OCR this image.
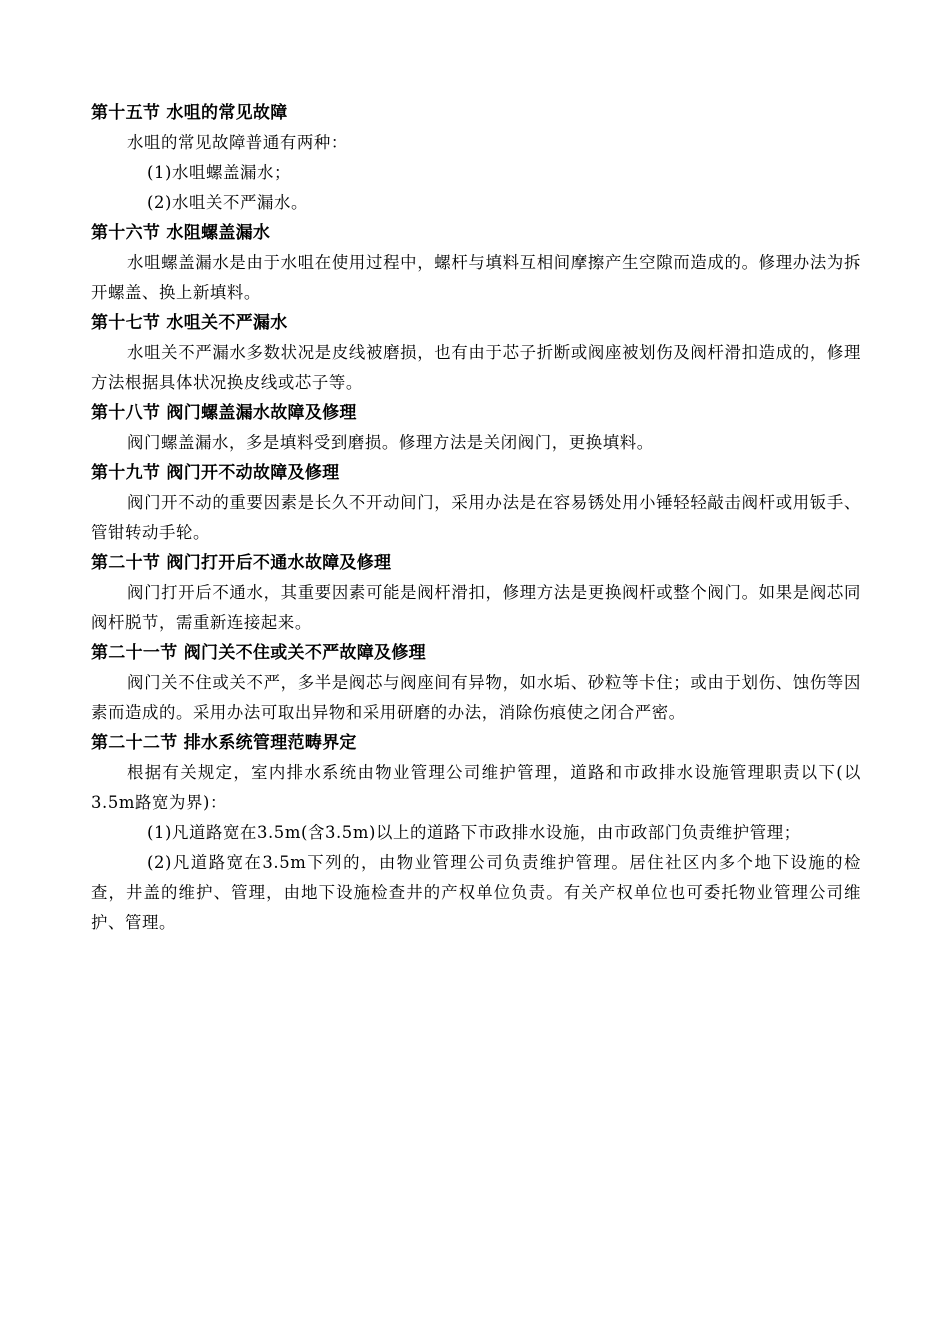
第十五节 水咀的常见故障

水咀的常见故障普通有两种：

(1)水咀螺盖漏水；

(2)水咀关不严漏水。

第十六节 水阻螺盖漏水

水咀螺盖漏水是由于水咀在使用过程中，螺杆与填料互相间摩擦产生空隙而造成的。修理办法为拆开螺盖、换上新填料。

第十七节 水咀关不严漏水

水咀关不严漏水多数状况是皮线被磨损，也有由于芯子折断或阀座被划伤及阀杆滑扣造成的，修理方法根据具体状况换皮线或芯子等。

第十八节 阀门螺盖漏水故障及修理

阀门螺盖漏水，多是填料受到磨损。修理方法是关闭阀门，更换填料。

第十九节 阀门开不动故障及修理

阀门开不动的重要因素是长久不开动间门，采用办法是在容易锈处用小锤轻轻敲击阀杆或用钣手、管钳转动手轮。

第二十节 阀门打开后不通水故障及修理

阀门打开后不通水，其重要因素可能是阀杆滑扣，修理方法是更换阀杆或整个阀门。如果是阀芯同阀杆脱节，需重新连接起来。

第二十一节 阀门关不住或关不严故障及修理

阀门关不住或关不严，多半是阀芯与阀座间有异物，如水垢、砂粒等卡住；或由于划伤、蚀伤等因素而造成的。采用办法可取出异物和采用研磨的办法，消除伤痕使之闭合严密。

第二十二节 排水系统管理范畴界定

根据有关规定，室内排水系统由物业管理公司维护管理，道路和市政排水设施管理职责以下(以3.5m路宽为界)：

(1)凡道路宽在3.5m(含3.5m)以上的道路下市政排水设施，由市政部门负责维护管理；

(2)凡道路宽在3.5m下列的，由物业管理公司负责维护管理。居住社区内多个地下设施的检查，井盖的维护、管理，由地下设施检查井的产权单位负责。有关产权单位也可委托物业管理公司维护、管理。
